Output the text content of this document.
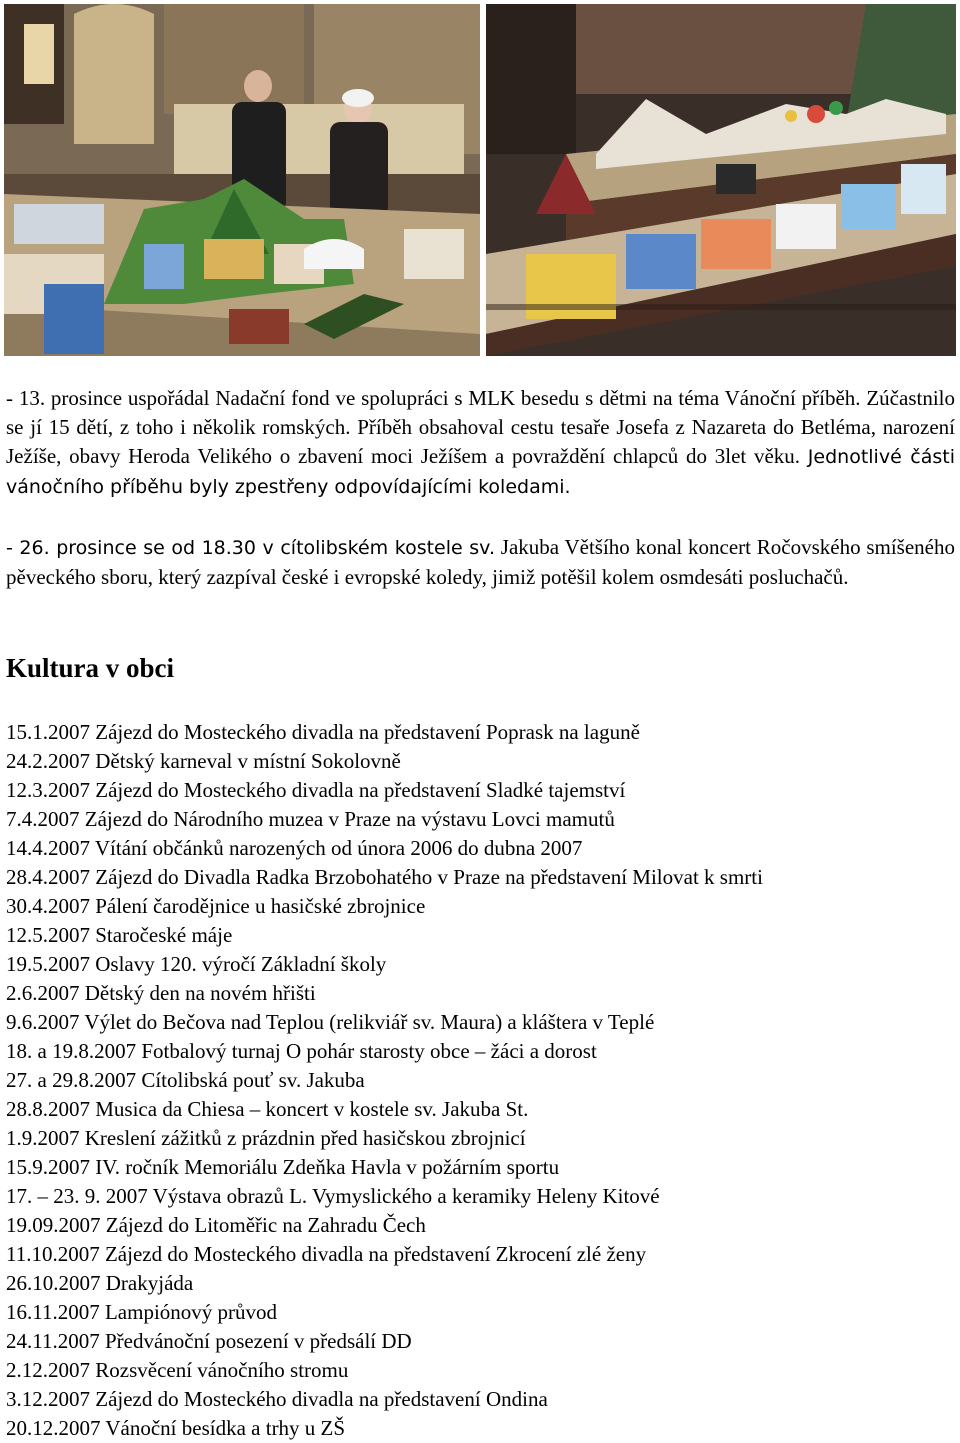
- 13. prosince uspořádal Nadační fond ve spolupráci s MLK besedu s dětmi na téma Vánoční příběh. Zúčastnilo se jí 15 dětí, z toho i několik romských. Příběh obsahoval cestu tesaře Josefa z Nazareta do Betléma, narození Ježíše, obavy Heroda Velikého o zbavení moci Ježíšem a povraždění chlapců do 3let věku. Jednotlivé části vánočního příběhu byly zpestřeny odpovídajícími koledami.

- 26. prosince se od 18.30 v cítolibském kostele sv. Jakuba Většího konal koncert Ročovského smíšeného pěveckého sboru, který zazpíval české i evropské koledy, jimiž potěšil kolem osmdesáti posluchačů.

Kultura v obci
15.1.2007 Zájezd do Mosteckého divadla na představení Poprask na laguně
24.2.2007 Dětský karneval v místní Sokolovně
12.3.2007 Zájezd do Mosteckého divadla na představení Sladké tajemství
7.4.2007 Zájezd do Národního muzea v Praze na výstavu Lovci mamutů
14.4.2007 Vítání občánků narozených od února 2006 do dubna 2007
28.4.2007 Zájezd do Divadla Radka Brzobohatého v Praze na představení Milovat k smrti
30.4.2007 Pálení čarodějnice u hasičské zbrojnice
12.5.2007 Staročeské máje
19.5.2007 Oslavy 120. výročí Základní školy
2.6.2007 Dětský den na novém hřišti
9.6.2007 Výlet do Bečova nad Teplou (relikviář sv. Maura) a kláštera v Teplé
18. a 19.8.2007 Fotbalový turnaj O pohár starosty obce – žáci a dorost
27. a 29.8.2007 Cítolibská pouť sv. Jakuba
28.8.2007 Musica da Chiesa – koncert v kostele sv. Jakuba St.
1.9.2007 Kreslení zážitků z prázdnin před hasičskou zbrojnicí
15.9.2007 IV. ročník Memoriálu Zdeňka Havla v požárním sportu
17. – 23. 9. 2007 Výstava obrazů L. Vymyslického a keramiky Heleny Kitové
19.09.2007 Zájezd do Litoměřic na Zahradu Čech
11.10.2007 Zájezd do Mosteckého divadla na představení Zkrocení zlé ženy
26.10.2007 Drakyjáda
16.11.2007 Lampiónový průvod
24.11.2007 Předvánoční posezení v předsálí DD
2.12.2007 Rozsvěcení vánočního stromu
3.12.2007 Zájezd do Mosteckého divadla na představení Ondina
20.12.2007 Vánoční besídka a trhy u ZŠ
